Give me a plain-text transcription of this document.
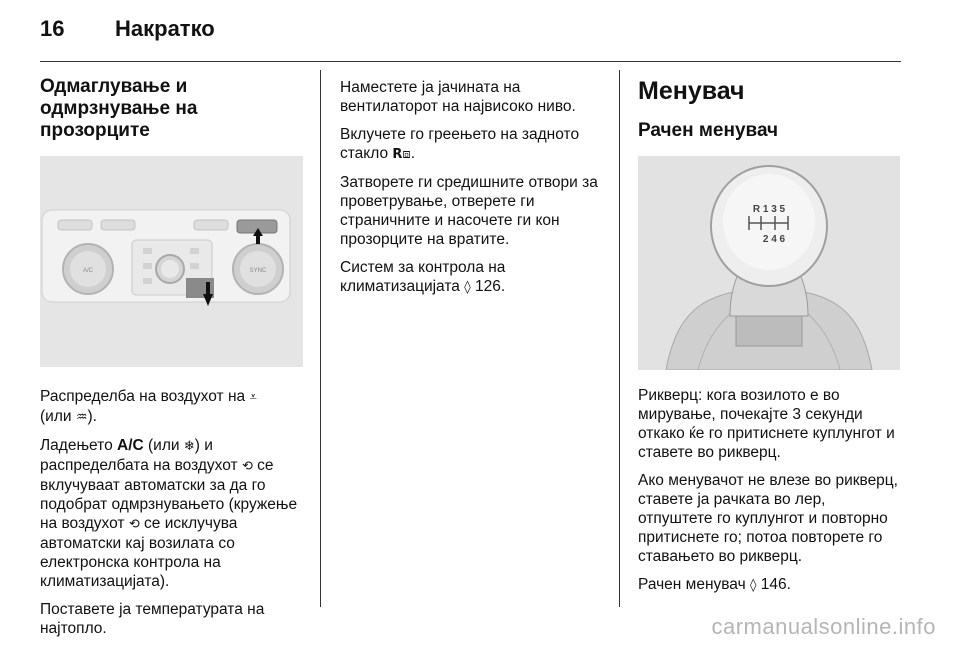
16 Накратко
Одмаглување и одмрзнување на прозорците
A/C	SYNC

Распределба на воздухот на ⩡
(или ♒).

Ладењето A/C (или ❄) и распределбата на воздухот ⟲ се вклучуваат автоматски за да го подобрат одмрзнувањето (кружење на воздухот ⟲ се исклучува автоматски кај возилата со електронска контрола на климатизацијата).

Поставете ја температурата на најтопло.

Наместете ја јачината на вентилаторот на највисоко ниво.

Вклучете го греењето на задното стакло R⧈.

Затворете ги средишните отвори за проветрување, отверете ги страничните и насочете ги кон прозорците на вратите.

Систем за контрола на климатизацијата ◊ 126.

Менувач
Рачен менувач
R 1 3 5
2 4 6

Рикверц: кога возилото е во мирување, почекајте 3 секунди откако ќе го притиснете куплунгот и ставете во рикверц.

Ако менувачот не влезе во рикверц, ставете ја рачката во лер, отпуштете го куплунгот и повторно притиснете го; потоа повторете го ставањето во рикверц.

Рачен менувач ◊ 146.

carmanualsonline.info
